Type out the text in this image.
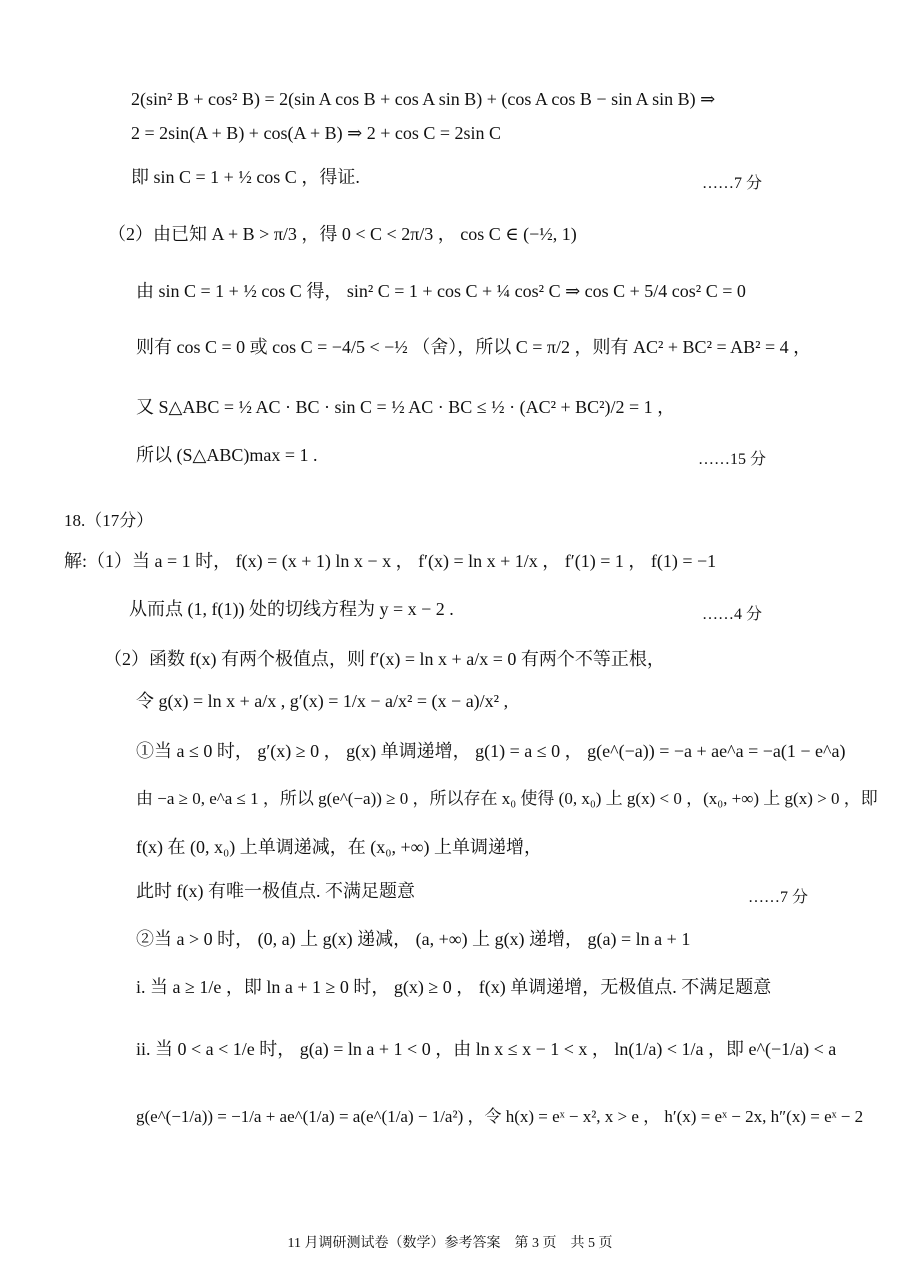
2(sin² B + cos² B) = 2(sin A cos B + cos A sin B) + (cos A cos B − sin A sin B) ⇒
2 = 2sin(A + B) + cos(A + B) ⇒ 2 + cos C = 2sin C
即 sin C = 1 + ½ cos C ，得证.	……7 分
（2）由已知 A + B > π/3 ，得 0 < C < 2π/3 ， cos C ∈ (−½, 1)
由 sin C = 1 + ½ cos C 得， sin² C = 1 + cos C + ¼ cos² C ⇒ cos C + 5/4 cos² C = 0
则有 cos C = 0 或 cos C = −4/5 < −½ （舍），所以 C = π/2 ，则有 AC² + BC² = AB² = 4 ，
又 S△ABC = ½ AC · BC · sin C = ½ AC · BC ≤ ½ · (AC² + BC²)/2 = 1 ，
所以 (S△ABC)max = 1 .	……15 分
18.（17分）
解:（1）当 a = 1 时， f(x) = (x + 1) ln x − x ， f′(x) = ln x + 1/x ， f′(1) = 1 ， f(1) = −1
从而点 (1, f(1)) 处的切线方程为 y = x − 2 .	……4 分
（2）函数 f(x) 有两个极值点，则 f′(x) = ln x + a/x = 0 有两个不等正根，
令 g(x) = ln x + a/x , g′(x) = 1/x − a/x² = (x − a)/x² ,
①当 a ≤ 0 时， g′(x) ≥ 0 ， g(x) 单调递增， g(1) = a ≤ 0 ， g(e^(−a)) = −a + ae^a = −a(1 − e^a)
由 −a ≥ 0, e^a ≤ 1 ，所以 g(e^(−a)) ≥ 0 ，所以存在 x₀ 使得 (0, x₀) 上 g(x) < 0 ，(x₀, +∞) 上 g(x) > 0 ，即
f(x) 在 (0, x₀) 上单调递减，在 (x₀, +∞) 上单调递增，
此时 f(x) 有唯一极值点. 不满足题意	……7 分
②当 a > 0 时， (0, a) 上 g(x) 递减， (a, +∞) 上 g(x) 递增， g(a) = ln a + 1
i. 当 a ≥ 1/e ，即 ln a + 1 ≥ 0 时， g(x) ≥ 0 ， f(x) 单调递增，无极值点. 不满足题意
ii. 当 0 < a < 1/e 时， g(a) = ln a + 1 < 0 ，由 ln x ≤ x − 1 < x ， ln(1/a) < 1/a ，即 e^(−1/a) < a
g(e^(−1/a)) = −1/a + ae^(1/a) = a(e^(1/a) − 1/a²) ，令 h(x) = eˣ − x², x > e ， h′(x) = eˣ − 2x, h″(x) = eˣ − 2
11 月调研测试卷（数学）参考答案　第 3 页　共 5 页
